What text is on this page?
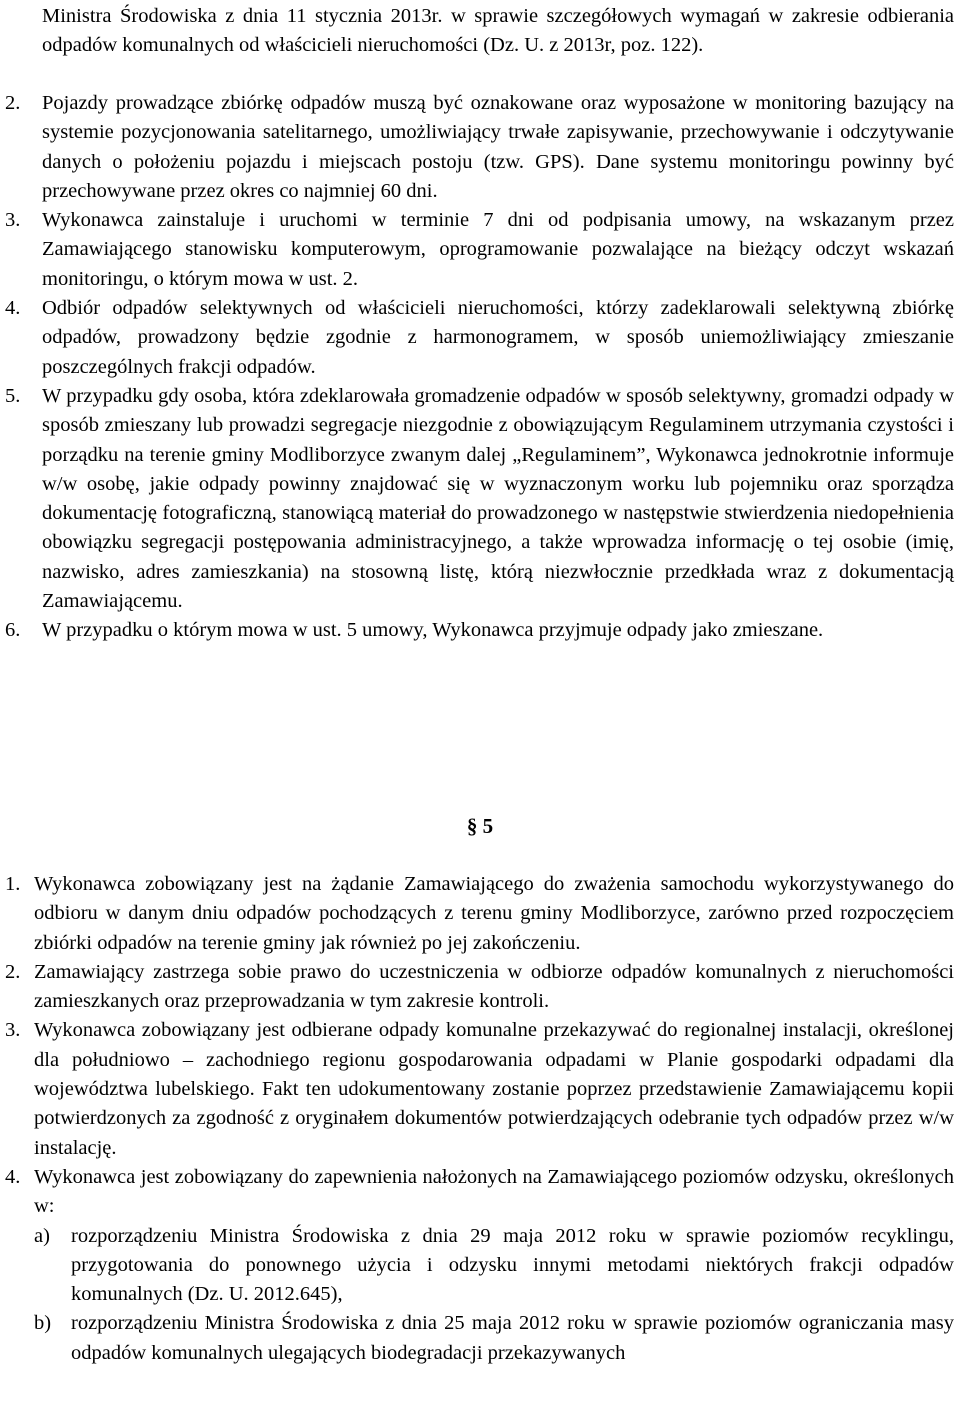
Ministra Środowiska z dnia 11 stycznia 2013r. w sprawie szczegółowych wymagań w zakresie odbierania odpadów komunalnych od właścicieli nieruchomości (Dz. U. z 2013r, poz. 122).

2. Pojazdy prowadzące zbiórkę odpadów muszą być oznakowane oraz wyposażone w monitoring bazujący na systemie pozycjonowania satelitarnego, umożliwiający trwałe zapisywanie, przechowywanie i odczytywanie danych o położeniu pojazdu i miejscach postoju (tzw. GPS). Dane systemu monitoringu powinny być przechowywane przez okres co najmniej 60 dni.
3. Wykonawca zainstaluje i uruchomi w terminie 7 dni od podpisania umowy, na wskazanym przez Zamawiającego stanowisku komputerowym, oprogramowanie pozwalające na bieżący odczyt wskazań monitoringu, o którym mowa w ust. 2.
4. Odbiór odpadów selektywnych od właścicieli nieruchomości, którzy zadeklarowali selektywną zbiórkę odpadów, prowadzony będzie zgodnie z harmonogramem, w sposób uniemożliwiający zmieszanie poszczególnych frakcji odpadów.
5. W przypadku gdy osoba, która zdeklarowała gromadzenie odpadów w sposób selektywny, gromadzi odpady w sposób zmieszany lub prowadzi segregacje niezgodnie z obowiązującym Regulaminem utrzymania czystości i porządku na terenie gminy Modliborzyce zwanym dalej „Regulaminem”, Wykonawca jednokrotnie informuje w/w osobę, jakie odpady powinny znajdować się w wyznaczonym worku lub pojemniku oraz sporządza dokumentację fotograficzną, stanowiącą materiał do prowadzonego w następstwie stwierdzenia niedopełnienia obowiązku segregacji postępowania administracyjnego, a także wprowadza informację o tej osobie (imię, nazwisko, adres zamieszkania) na stosowną listę, którą niezwłocznie przedkłada wraz z dokumentacją Zamawiającemu.
6. W przypadku o którym mowa w ust. 5 umowy, Wykonawca przyjmuje odpady jako zmieszane.
§ 5
1. Wykonawca zobowiązany jest na żądanie Zamawiającego do zważenia samochodu wykorzystywanego do odbioru w danym dniu odpadów pochodzących z terenu gminy Modliborzyce, zarówno przed rozpoczęciem zbiórki odpadów na terenie gminy jak również po jej zakończeniu.
2. Zamawiający zastrzega sobie prawo do uczestniczenia w odbiorze odpadów komunalnych z nieruchomości zamieszkanych oraz przeprowadzania w tym zakresie kontroli.
3. Wykonawca zobowiązany jest odbierane odpady komunalne przekazywać do regionalnej instalacji, określonej dla południowo – zachodniego regionu gospodarowania odpadami w Planie gospodarki odpadami dla województwa lubelskiego. Fakt ten udokumentowany zostanie poprzez przedstawienie Zamawiającemu kopii potwierdzonych za zgodność z oryginałem dokumentów potwierdzających odebranie tych odpadów przez w/w instalację.
4. Wykonawca jest zobowiązany do zapewnienia nałożonych na Zamawiającego poziomów odzysku, określonych w:
a) rozporządzeniu Ministra Środowiska z dnia 29 maja 2012 roku w sprawie poziomów recyklingu, przygotowania do ponownego użycia i odzysku innymi metodami niektórych frakcji odpadów komunalnych (Dz. U. 2012.645),
b) rozporządzeniu Ministra Środowiska z dnia 25 maja 2012 roku w sprawie poziomów ograniczania masy odpadów komunalnych ulegających biodegradacji przekazywanych
